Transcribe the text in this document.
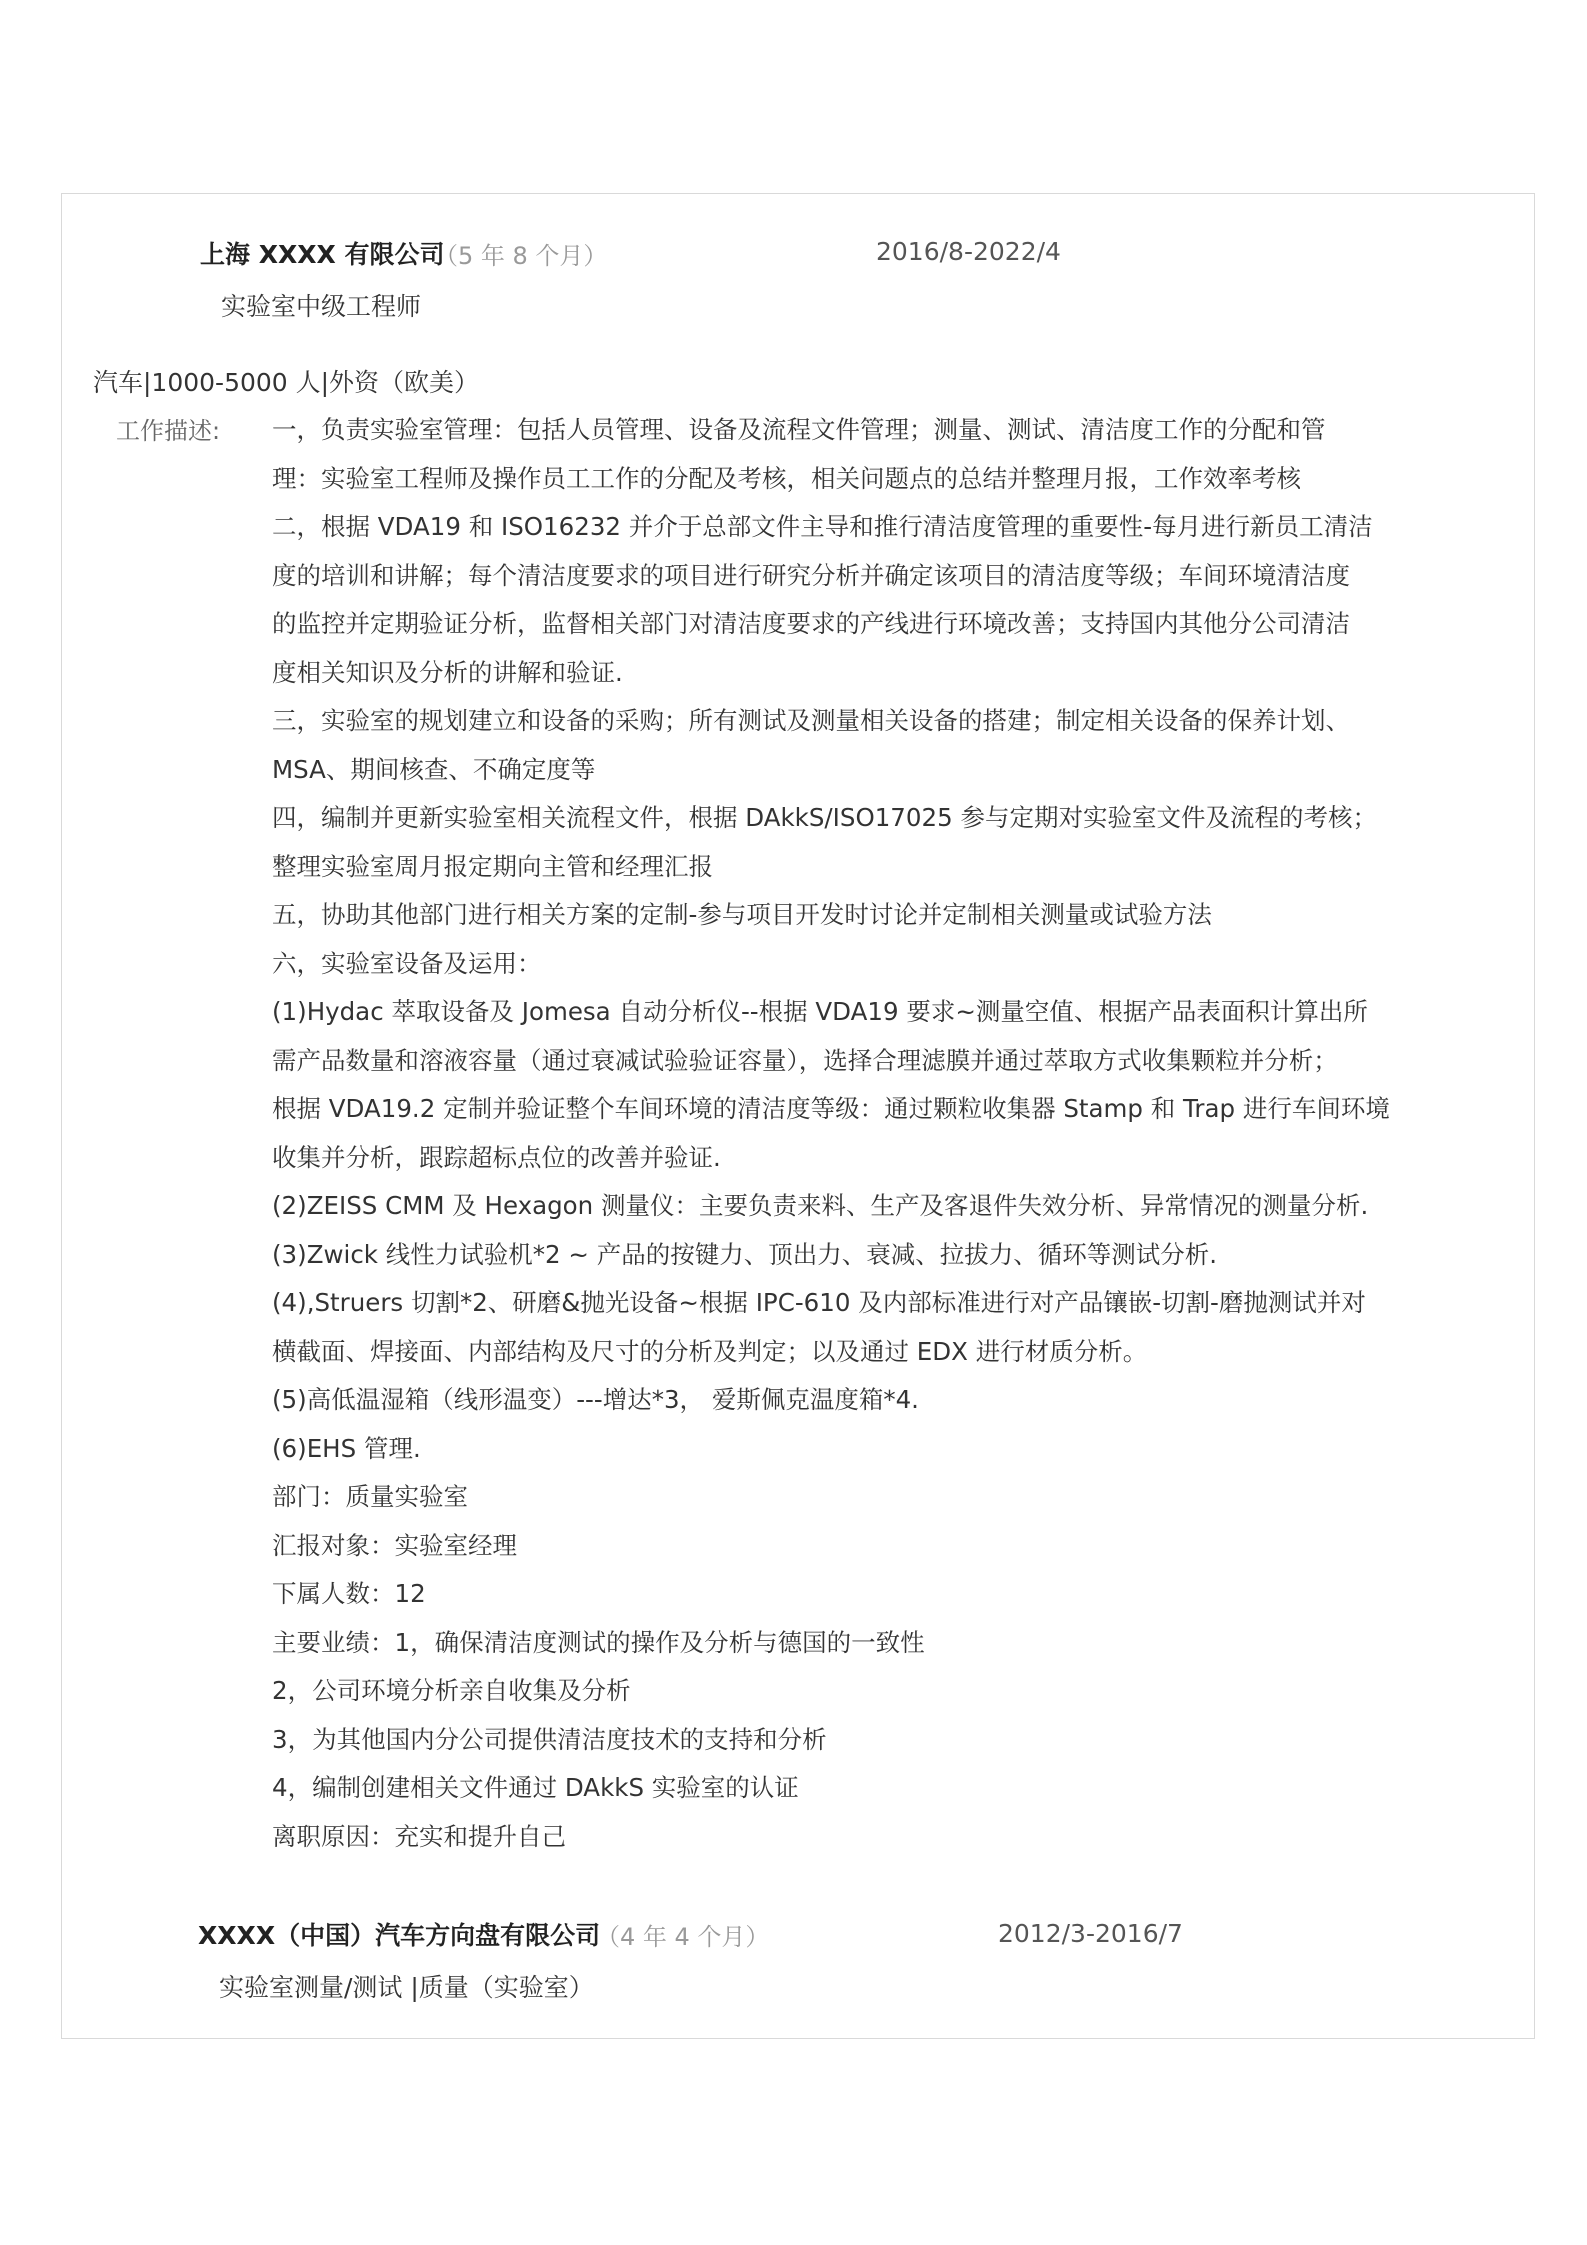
上海 XXXX 有限公司
（5 年 8 个月）	2016/8-2022/4
实验室中级工程师
汽车|1000-5000 人|外资（欧美）
工作描述: 一，负责实验室管理：包括人员管理、设备及流程文件管理；测量、测试、清洁度工作的分配和管
理：实验室工程师及操作员工工作的分配及考核，相关问题点的总结并整理月报，工作效率考核
二，根据 VDA19 和 ISO16232 并介于总部文件主导和推行清洁度管理的重要性-每月进行新员工清洁
度的培训和讲解；每个清洁度要求的项目进行研究分析并确定该项目的清洁度等级；车间环境清洁度
的监控并定期验证分析，监督相关部门对清洁度要求的产线进行环境改善；支持国内其他分公司清洁
度相关知识及分析的讲解和验证.
三，实验室的规划建立和设备的采购；所有测试及测量相关设备的搭建；制定相关设备的保养计划、
MSA、期间核查、不确定度等
四，编制并更新实验室相关流程文件，根据 DAkkS/ISO17025 参与定期对实验室文件及流程的考核；
整理实验室周月报定期向主管和经理汇报
五，协助其他部门进行相关方案的定制-参与项目开发时讨论并定制相关测量或试验方法
六，实验室设备及运用：
(1)Hydac 萃取设备及 Jomesa 自动分析仪--根据 VDA19 要求~测量空值、根据产品表面积计算出所
需产品数量和溶液容量（通过衰减试验验证容量），选择合理滤膜并通过萃取方式收集颗粒并分析；
根据 VDA19.2 定制并验证整个车间环境的清洁度等级：通过颗粒收集器 Stamp 和 Trap 进行车间环境
收集并分析，跟踪超标点位的改善并验证.
(2)ZEISS CMM 及 Hexagon 测量仪：主要负责来料、生产及客退件失效分析、异常情况的测量分析.
(3)Zwick 线性力试验机*2 ~ 产品的按键力、顶出力、衰减、拉拔力、循环等测试分析.
(4),Struers 切割*2、研磨&抛光设备~根据 IPC-610 及内部标准进行对产品镶嵌-切割-磨抛测试并对
横截面、焊接面、内部结构及尺寸的分析及判定；以及通过 EDX 进行材质分析。
(5)高低温湿箱（线形温变）---增达*3， 爱斯佩克温度箱*4.
(6)EHS 管理.
部门：质量实验室
汇报对象：实验室经理
下属人数：12
主要业绩：1，确保清洁度测试的操作及分析与德国的一致性
2，公司环境分析亲自收集及分析
3，为其他国内分公司提供清洁度技术的支持和分析
4，编制创建相关文件通过 DAkkS 实验室的认证
离职原因：充实和提升自己
XXXX（中国）汽车方向盘有限公司
（4 年 4 个月）	2012/3-2016/7
实验室测量/测试 |质量（实验室）
